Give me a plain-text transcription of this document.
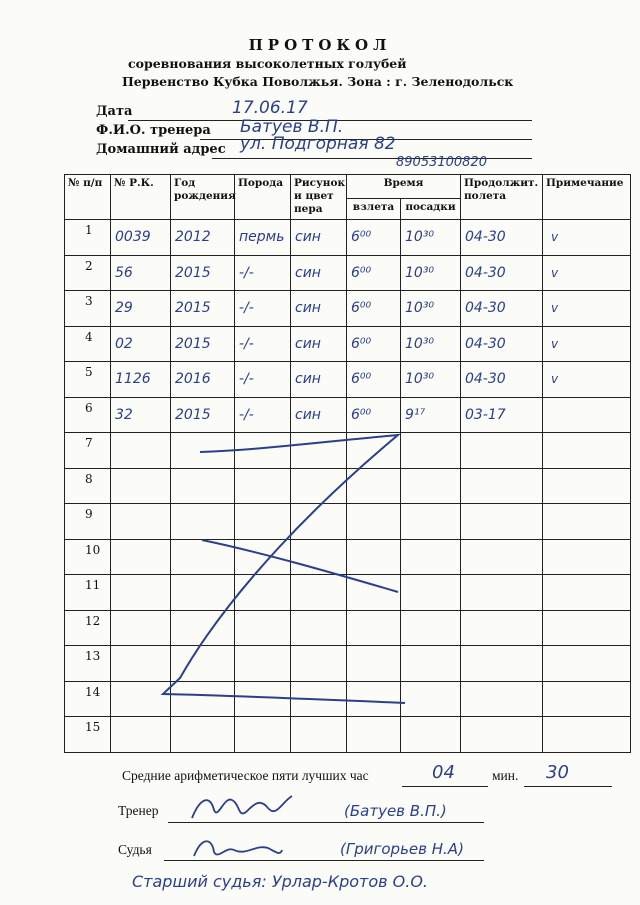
ПРОТОКОЛ
соревнования высоколетных голубей
Первенство Кубка Поволжья. Зона : г. Зеленодольск
Дата	17.06.17
Ф.И.О. тренера Батуев В.П.
Домашний адрес ул. Подгорная 82
89053100820
№ п/п	№ Р.К.	Год рождения	Порода	Рисунок и цвет пера	Время		Продолжит. полета	Примечание
					взлета	посадки		
1	0039	2012	пермь	син	6⁰⁰	10³⁰	04-30	v
2	56	2015	-/-	син	6⁰⁰	10³⁰	04-30	v
3	29	2015	-/-	син	6⁰⁰	10³⁰	04-30	v
4	02	2015	-/-	син	6⁰⁰	10³⁰	04-30	v
5	1126	2016	-/-	син	6⁰⁰	10³⁰	04-30	v
6	32	2015	-/-	син	6⁰⁰	9¹⁷	03-17	
7								
8								
9								
10								
11								
12								
13								
14								
15								
Средние арифметическое пяти лучших час	04	мин. 30
Тренер	(Батуев В.П.)
Судья	(Григорьев Н.А)
Старший судья: Урлар-Кротов О.О.
